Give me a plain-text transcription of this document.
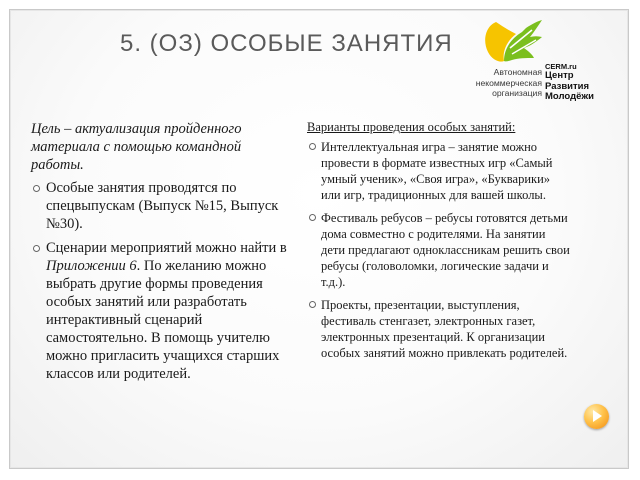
5. (ОЗ) ОСОБЫЕ ЗАНЯТИЯ
Автономная
некоммерческая
организация
CERM.ru
Центр
Развития
Молодёжи

Цель – актуализация пройденного материала с помощью командной работы.

Особые занятия проводятся по спецвыпускам (Выпуск №15, Выпуск №30).
Сценарии мероприятий можно найти в Приложении 6. По желанию можно выбрать другие формы проведения особых занятий или разработать интерактивный сценарий самостоятельно. В помощь учителю можно пригласить учащихся старших классов или родителей.

Варианты проведения особых занятий:

Интеллектуальная игра – занятие можно провести в формате известных игр «Самый умный ученик», «Своя игра», «Букварики» или игр, традиционных для вашей школы.
Фестиваль ребусов – ребусы готовятся детьми дома совместно с родителями. На занятии дети предлагают одноклассникам решить свои ребусы (головоломки, логические задачи и т.д.).
Проекты, презентации, выступления, фестиваль стенгазет, электронных газет, электронных презентаций. К организации особых занятий можно привлекать родителей.
